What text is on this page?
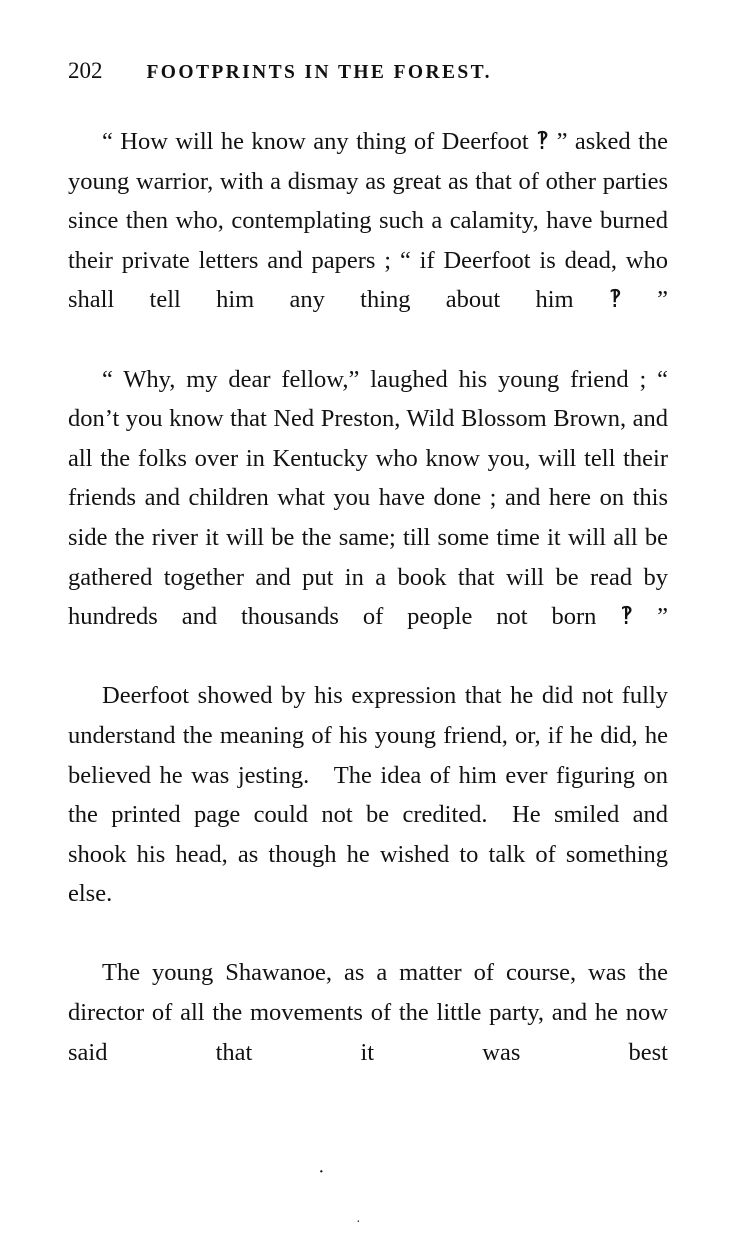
202 FOOTPRINTS IN THE FOREST.

“ How will he know any thing of Deerfoot ‽ ” asked the young warrior, with a dismay as great as that of other parties since then who, contemplating such a calamity, have burned their private letters and papers ; “ if Deerfoot is dead, who shall tell him any thing about him ‽ ”

“ Why, my dear fellow,” laughed his young friend ; “ don’t you know that Ned Preston, Wild Blossom Brown, and all the folks over in Kentucky who know you, will tell their friends and children what you have done ; and here on this side the river it will be the same; till some time it will all be gathered together and put in a book that will be read by hundreds and thousands of people not born ‽ ”

Deerfoot showed by his expression that he did not fully understand the meaning of his young friend, or, if he did, he believed he was jesting. The idea of him ever figuring on the printed page could not be credited. He smiled and shook his head, as though he wished to talk of something else.

The young Shawanoe, as a matter of course, was the director of all the movements of the little party, and he now said that it was best

·
·
